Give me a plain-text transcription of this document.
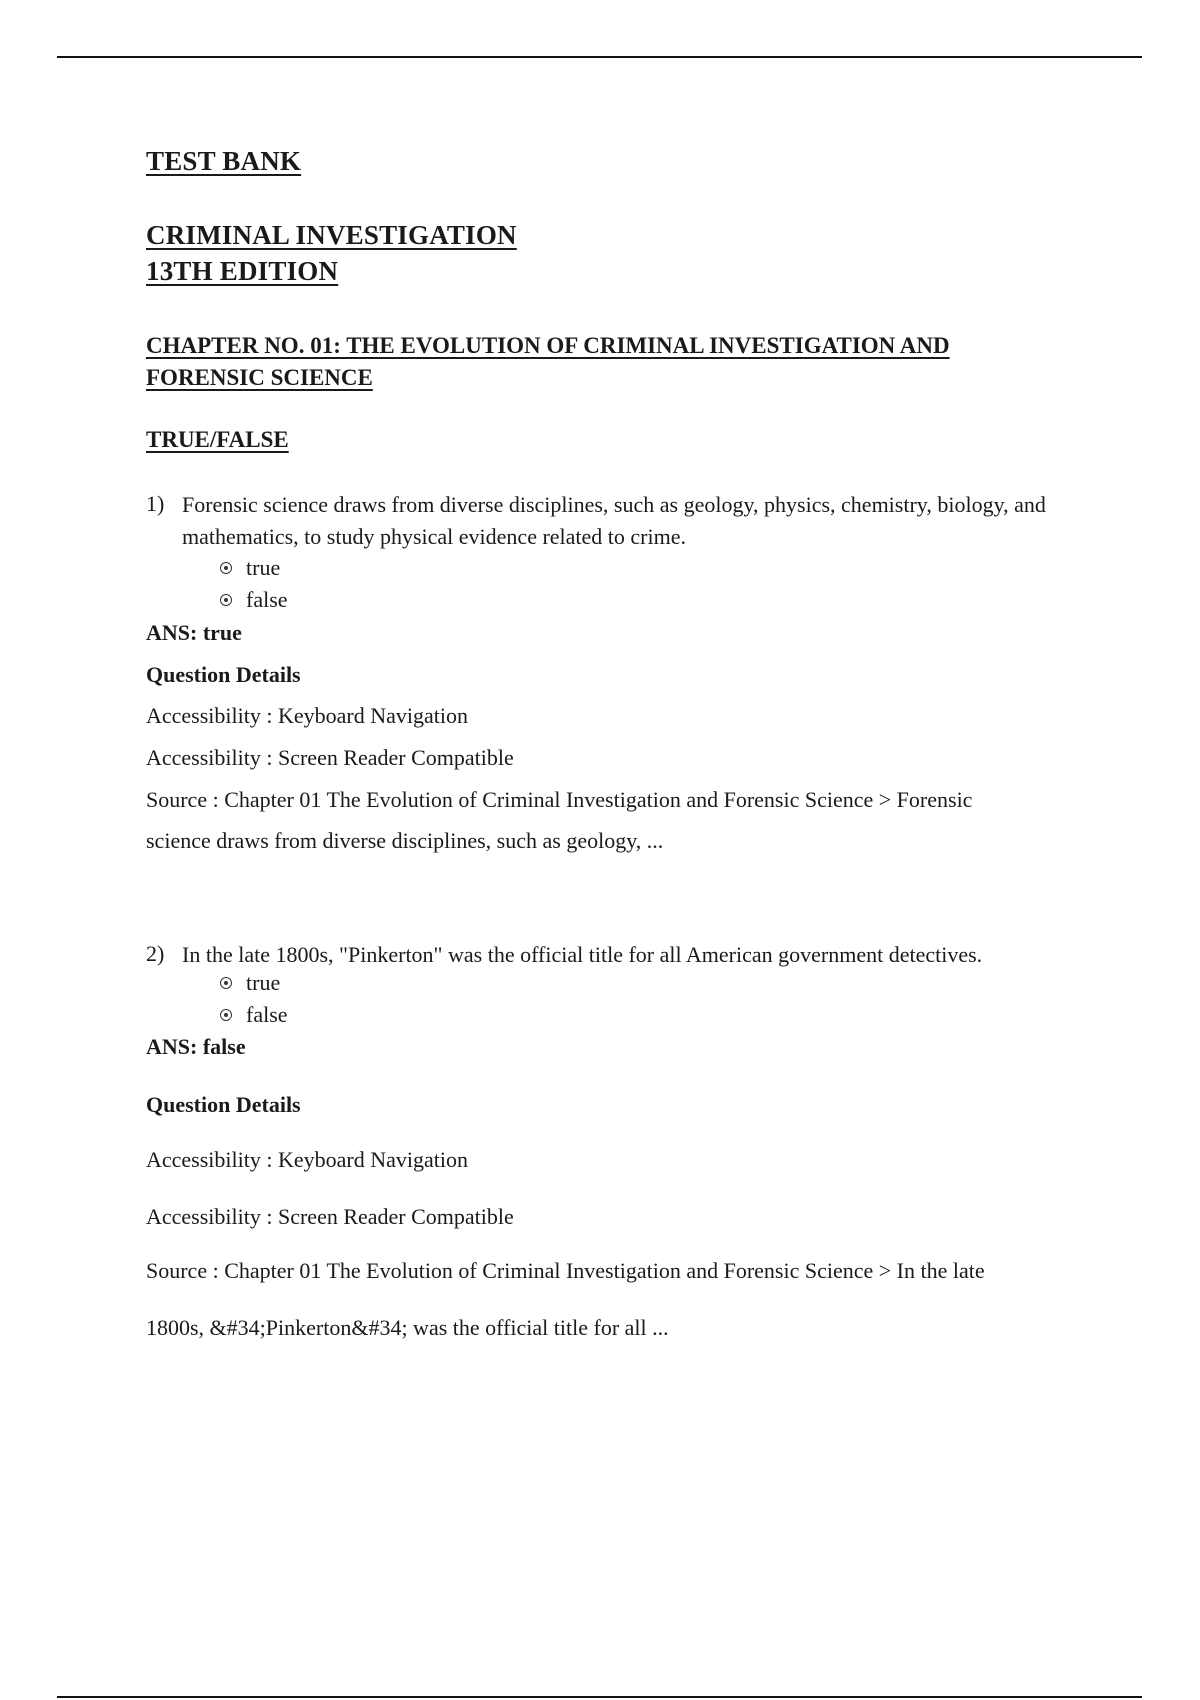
TEST BANK
CRIMINAL INVESTIGATION
13TH EDITION
CHAPTER NO. 01: THE EVOLUTION OF CRIMINAL INVESTIGATION AND FORENSIC SCIENCE
TRUE/FALSE
1) Forensic science draws from diverse disciplines, such as geology, physics, chemistry, biology, and mathematics, to study physical evidence related to crime.
true
false
ANS: true
Question Details
Accessibility : Keyboard Navigation
Accessibility : Screen Reader Compatible
Source : Chapter 01 The Evolution of Criminal Investigation and Forensic Science > Forensic
science draws from diverse disciplines, such as geology, ...
2) In the late 1800s, "Pinkerton" was the official title for all American government detectives.
true
false
ANS: false
Question Details
Accessibility : Keyboard Navigation
Accessibility : Screen Reader Compatible
Source : Chapter 01 The Evolution of Criminal Investigation and Forensic Science > In the late
1800s, &#34;Pinkerton&#34; was the official title for all ...
